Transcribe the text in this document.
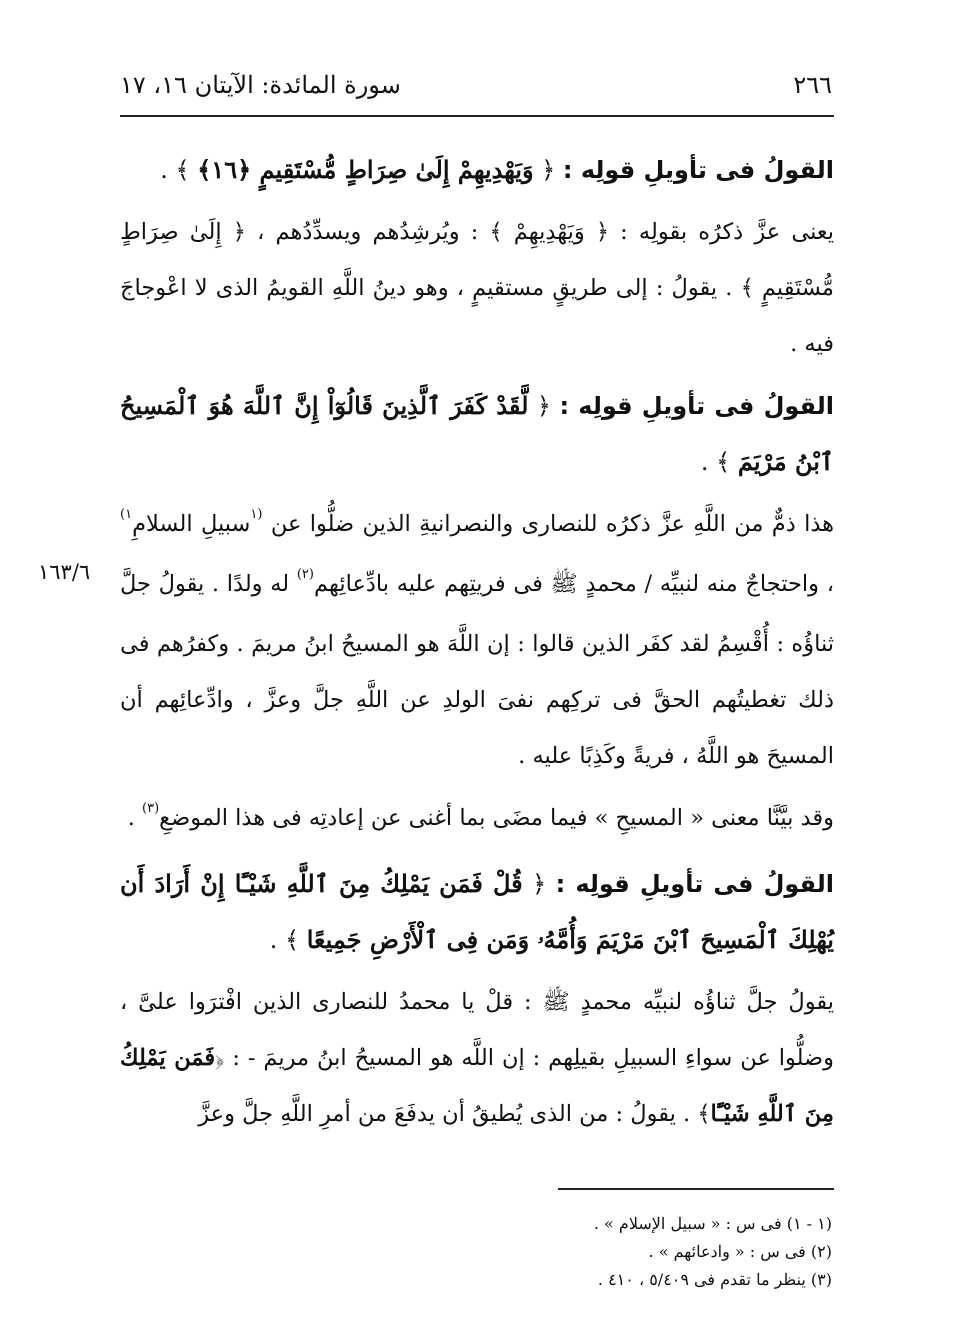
٢٦٦
سورة المائدة: الآيتان ١٦، ١٧
١٦٣/٦

القولُ فى تأويلِ قولِه : ﴿ وَيَهْدِيهِمْ إِلَىٰ صِرَاطٍ مُّسْتَقِيمٍ ﴿١٦﴾ ﴾ .

يعنى عزَّ ذكرُه بقولِه : ﴿ وَيَهْدِيهِمْ ﴾ : ويُرشِدُهم ويسدِّدُهم ، ﴿ إِلَىٰ صِرَاطٍ مُّسْتَقِيمٍ ﴾ . يقولُ : إلى طريقٍ مستقيمٍ ، وهو دينُ اللَّهِ القويمُ الذى لا اعْوجاجَ فيه .

القولُ فى تأويلِ قولِه : ﴿ لَّقَدْ كَفَرَ ٱلَّذِينَ قَالُوٓاْ إِنَّ ٱللَّهَ هُوَ ٱلْمَسِيحُ ٱبْنُ مَرْيَمَ ﴾ .

هذا ذمٌّ من اللَّهِ عزَّ ذكرُه للنصارى والنصرانيةِ الذين ضلُّوا عن $^{(١}$سبيلِ السلامِ$^{١)}$ ، واحتجاجٌ منه لنبيِّه / محمدٍ ﷺ فى فريتِهم عليه بادِّعائِهم$^{(٢)}$ له ولدًا . يقولُ جلَّ ثناؤُه : أُقْسِمُ لقد كفَر الذين قالوا : إن اللَّهَ هو المسيحُ ابنُ مريمَ . وكفرُهم فى ذلك تغطيتُهم الحقَّ فى تركِهم نفىَ الولدِ عن اللَّهِ جلَّ وعزَّ ، وادِّعائِهم أن المسيحَ هو اللَّهُ ، فريةً وكَذِبًا عليه .

وقد بيَّنَّا معنى « المسيحِ » فيما مضَى بما أغنى عن إعادتِه فى هذا الموضعِ$^{(٣)}$ .

القولُ فى تأويلِ قولِه : ﴿ قُلْ فَمَن يَمْلِكُ مِنَ ٱللَّهِ شَيْـًٔا إِنْ أَرَادَ أَن يُهْلِكَ ٱلْمَسِيحَ ٱبْنَ مَرْيَمَ وَأُمَّهُۥ وَمَن فِى ٱلْأَرْضِ جَمِيعًا ﴾ .

يقولُ جلَّ ثناؤُه لنبيِّه محمدٍ ﷺ : قلْ يا محمدُ للنصارى الذين افْترَوا علىَّ ، وضلُّوا عن سواءِ السبيلِ بقيلِهم : إن اللَّه هو المسيحُ ابنُ مريمَ - : ﴿فَمَن يَمْلِكُ مِنَ ٱللَّهِ شَيْـًٔا﴾ . يقولُ : من الذى يُطيقُ أن يدفَعَ من أمرِ اللَّهِ جلَّ وعزَّ

(١ - ١) فى س : « سبيل الإسلام » .
(٢) فى س : « وادعائهم » .
(٣) ينظر ما تقدم فى ٥/٤٠٩ ، ٤١٠ .
